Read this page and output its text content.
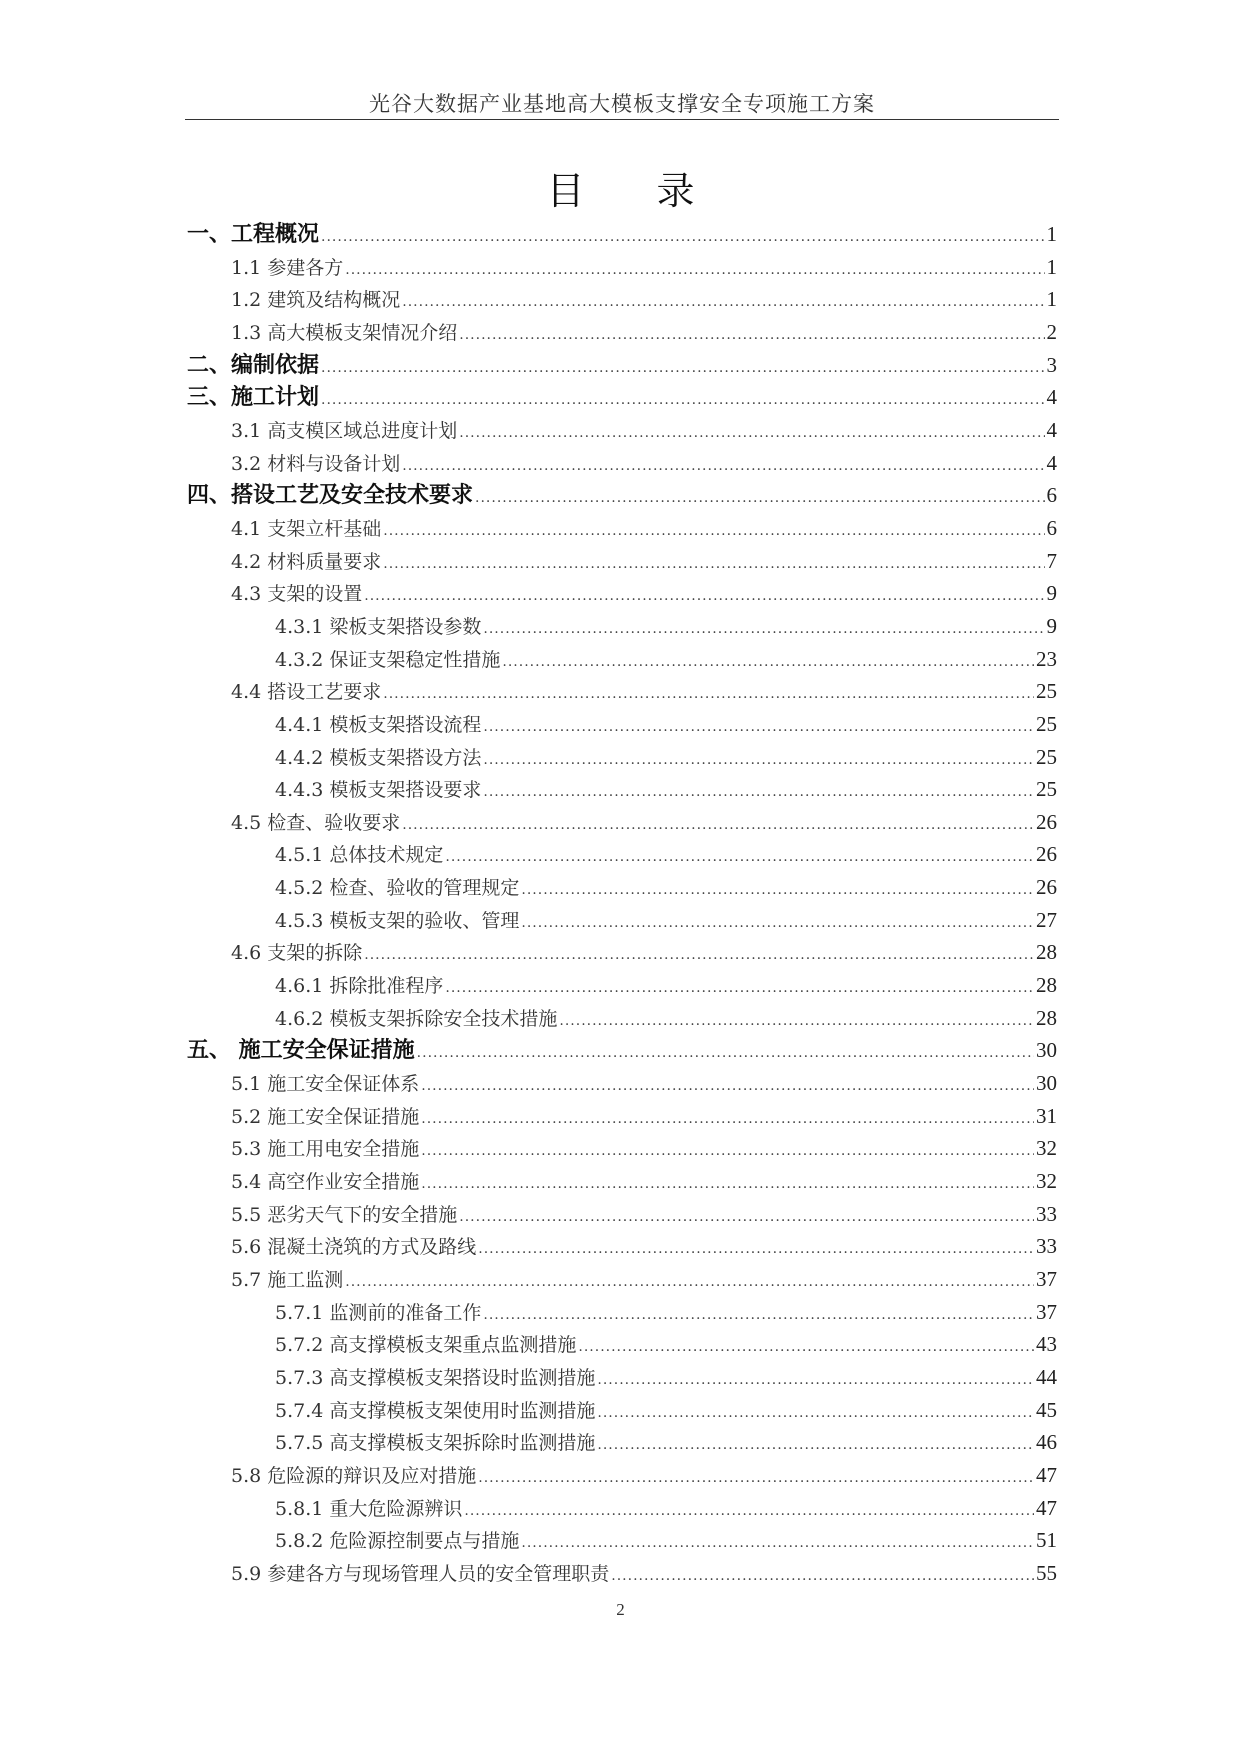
光谷大数据产业基地高大模板支撑安全专项施工方案
目 录
一、工程概况 .....	1
1.1 参建各方 .....	1
1.2 建筑及结构概况 .....	1
1.3 高大模板支架情况介绍 .....	2
二、编制依据 .....	3
三、施工计划 .....	4
3.1 高支模区域总进度计划 .....	4
3.2 材料与设备计划 .....	4
四、搭设工艺及安全技术要求 .....	6
4.1 支架立杆基础 .....	6
4.2 材料质量要求 .....	7
4.3 支架的设置 .....	9
4.3.1 梁板支架搭设参数 .....	9
4.3.2 保证支架稳定性措施 .....	23
4.4 搭设工艺要求 .....	25
4.4.1 模板支架搭设流程 .....	25
4.4.2 模板支架搭设方法 .....	25
4.4.3 模板支架搭设要求 .....	25
4.5 检查、验收要求 .....	26
4.5.1 总体技术规定 .....	26
4.5.2 检查、验收的管理规定 .....	26
4.5.3 模板支架的验收、管理 .....	27
4.6 支架的拆除 .....	28
4.6.1 拆除批准程序 .....	28
4.6.2 模板支架拆除安全技术措施 .....	28
五、 施工安全保证措施 .....	30
5.1 施工安全保证体系 .....	30
5.2 施工安全保证措施 .....	31
5.3 施工用电安全措施 .....	32
5.4 高空作业安全措施 .....	32
5.5 恶劣天气下的安全措施 .....	33
5.6 混凝土浇筑的方式及路线 .....	33
5.7 施工监测 .....	37
5.7.1 监测前的准备工作 .....	37
5.7.2 高支撑模板支架重点监测措施 .....	43
5.7.3 高支撑模板支架搭设时监测措施 .....	44
5.7.4 高支撑模板支架使用时监测措施 .....	45
5.7.5 高支撑模板支架拆除时监测措施 .....	46
5.8 危险源的辩识及应对措施 .....	47
5.8.1 重大危险源辨识 .....	47
5.8.2 危险源控制要点与措施 .....	51
5.9 参建各方与现场管理人员的安全管理职责 .....	55
2
